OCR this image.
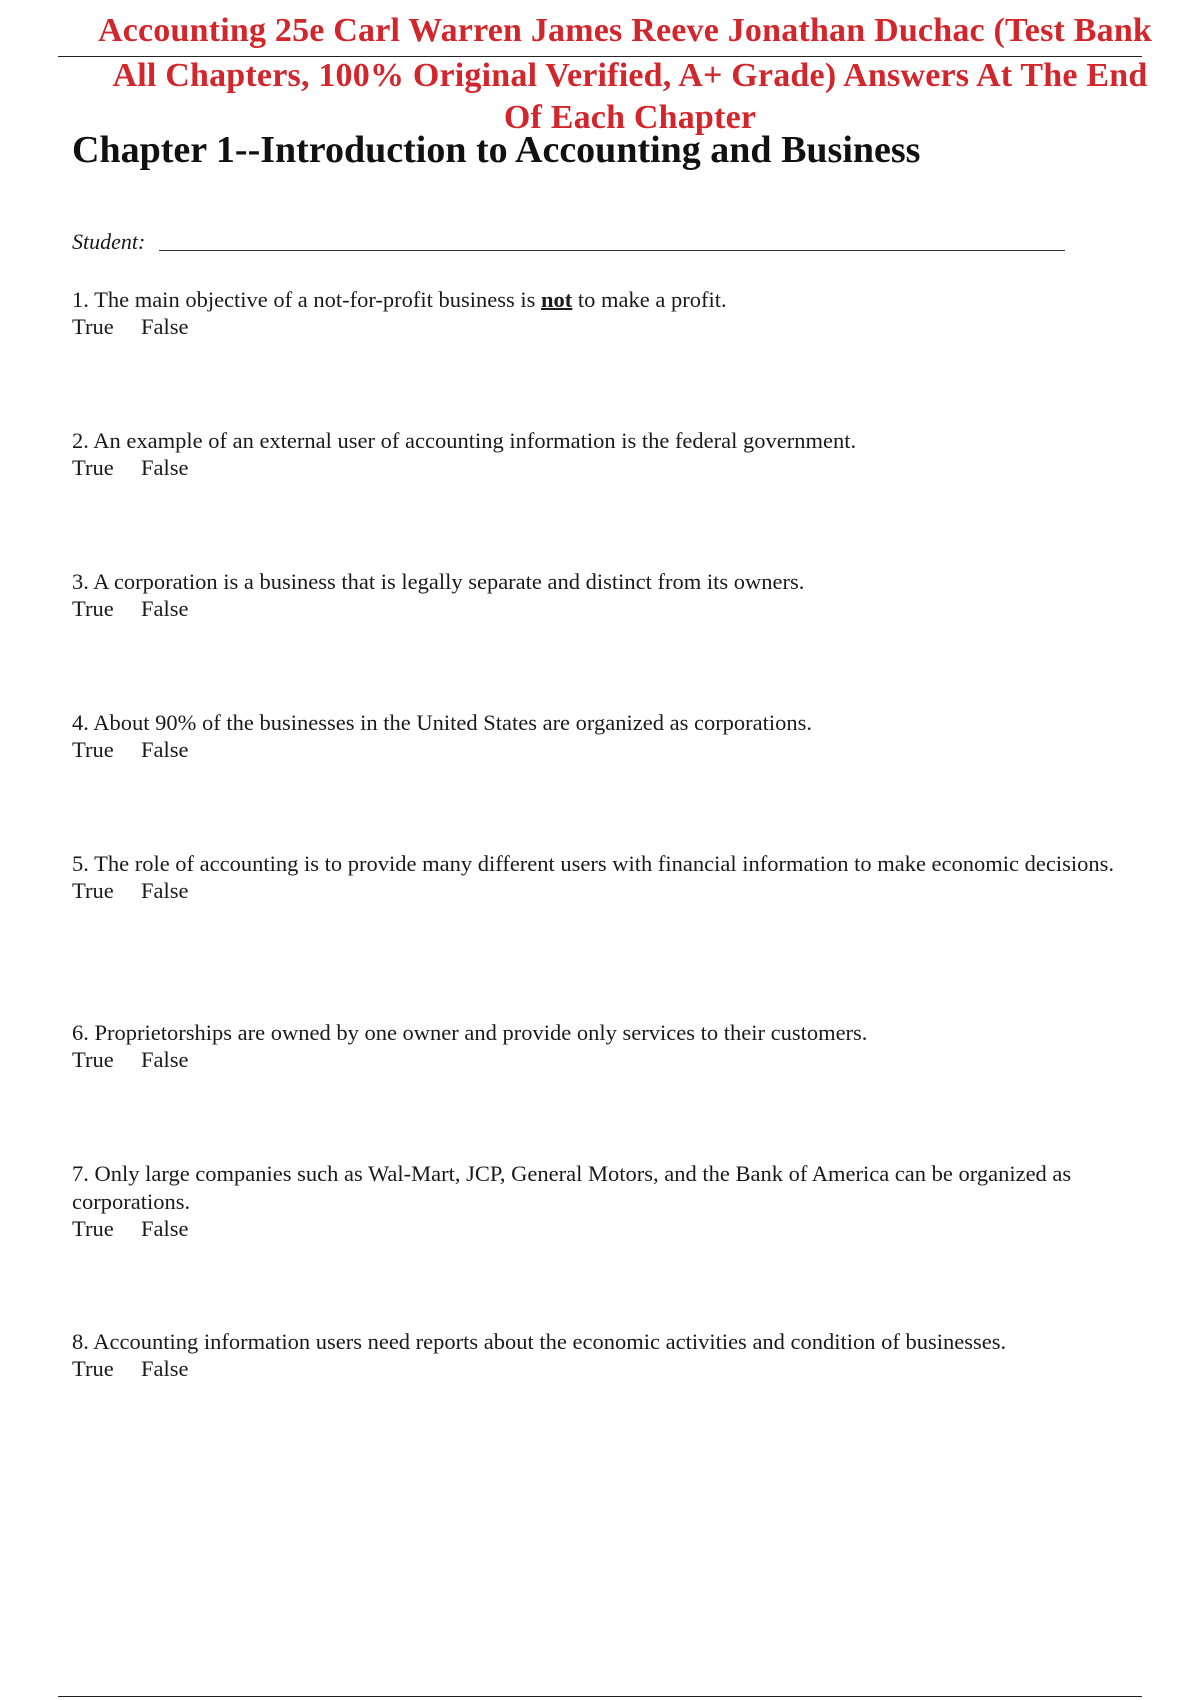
Accounting 25e Carl Warren James Reeve Jonathan Duchac (Test Bank
All Chapters, 100% Original Verified, A+ Grade) Answers At The End
Of Each Chapter
Chapter 1--Introduction to Accounting and Business
Student:
1. The main objective of a not-for-profit business is not to make a profit.
True False
2. An example of an external user of accounting information is the federal government.
True False
3. A corporation is a business that is legally separate and distinct from its owners.
True False
4. About 90% of the businesses in the United States are organized as corporations.
True False
5. The role of accounting is to provide many different users with financial information to make economic decisions.
True False
6. Proprietorships are owned by one owner and provide only services to their customers.
True False
7. Only large companies such as Wal-Mart, JCP, General Motors, and the Bank of America can be organized as corporations.
True False
8. Accounting information users need reports about the economic activities and condition of businesses.
True False
